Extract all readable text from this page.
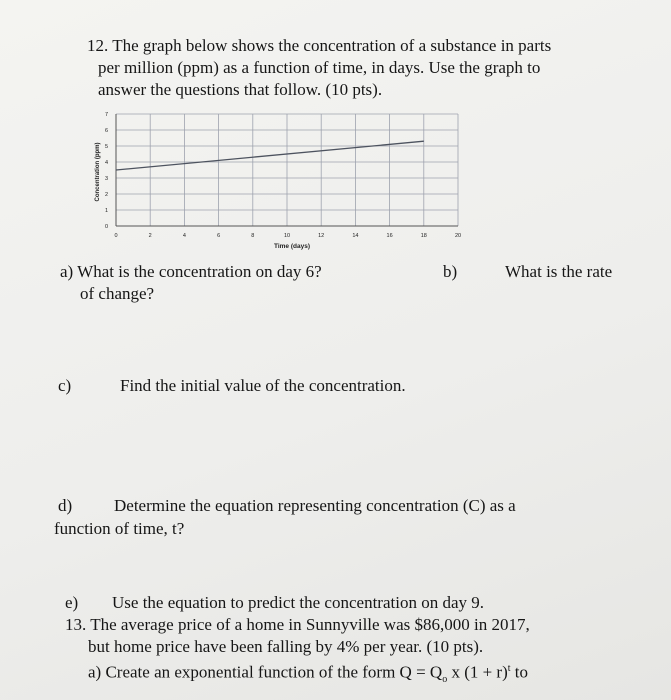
12. The graph below shows the concentration of a substance in parts
per million (ppm) as a function of time, in days. Use the graph to
answer the questions that follow. (10 pts).
0
1
2
3
4
5
6
7
0	2	4	6	8	10	12	14	16	18	20
Time (days)
Concentration (ppm)
a) What is the concentration on day 6?
of change?
b)	What is the rate
c)	Find the initial value of the concentration.
d) Determine the equation representing concentration (C) as a
function of time, t?
e) Use the equation to predict the concentration on day 9.
13. The average price of a home in Sunnyville was $86,000 in 2017,
but home price have been falling by 4% per year. (10 pts).
a) Create an exponential function of the form $Q = Q_o$ x $(1 + r)^t$ to
